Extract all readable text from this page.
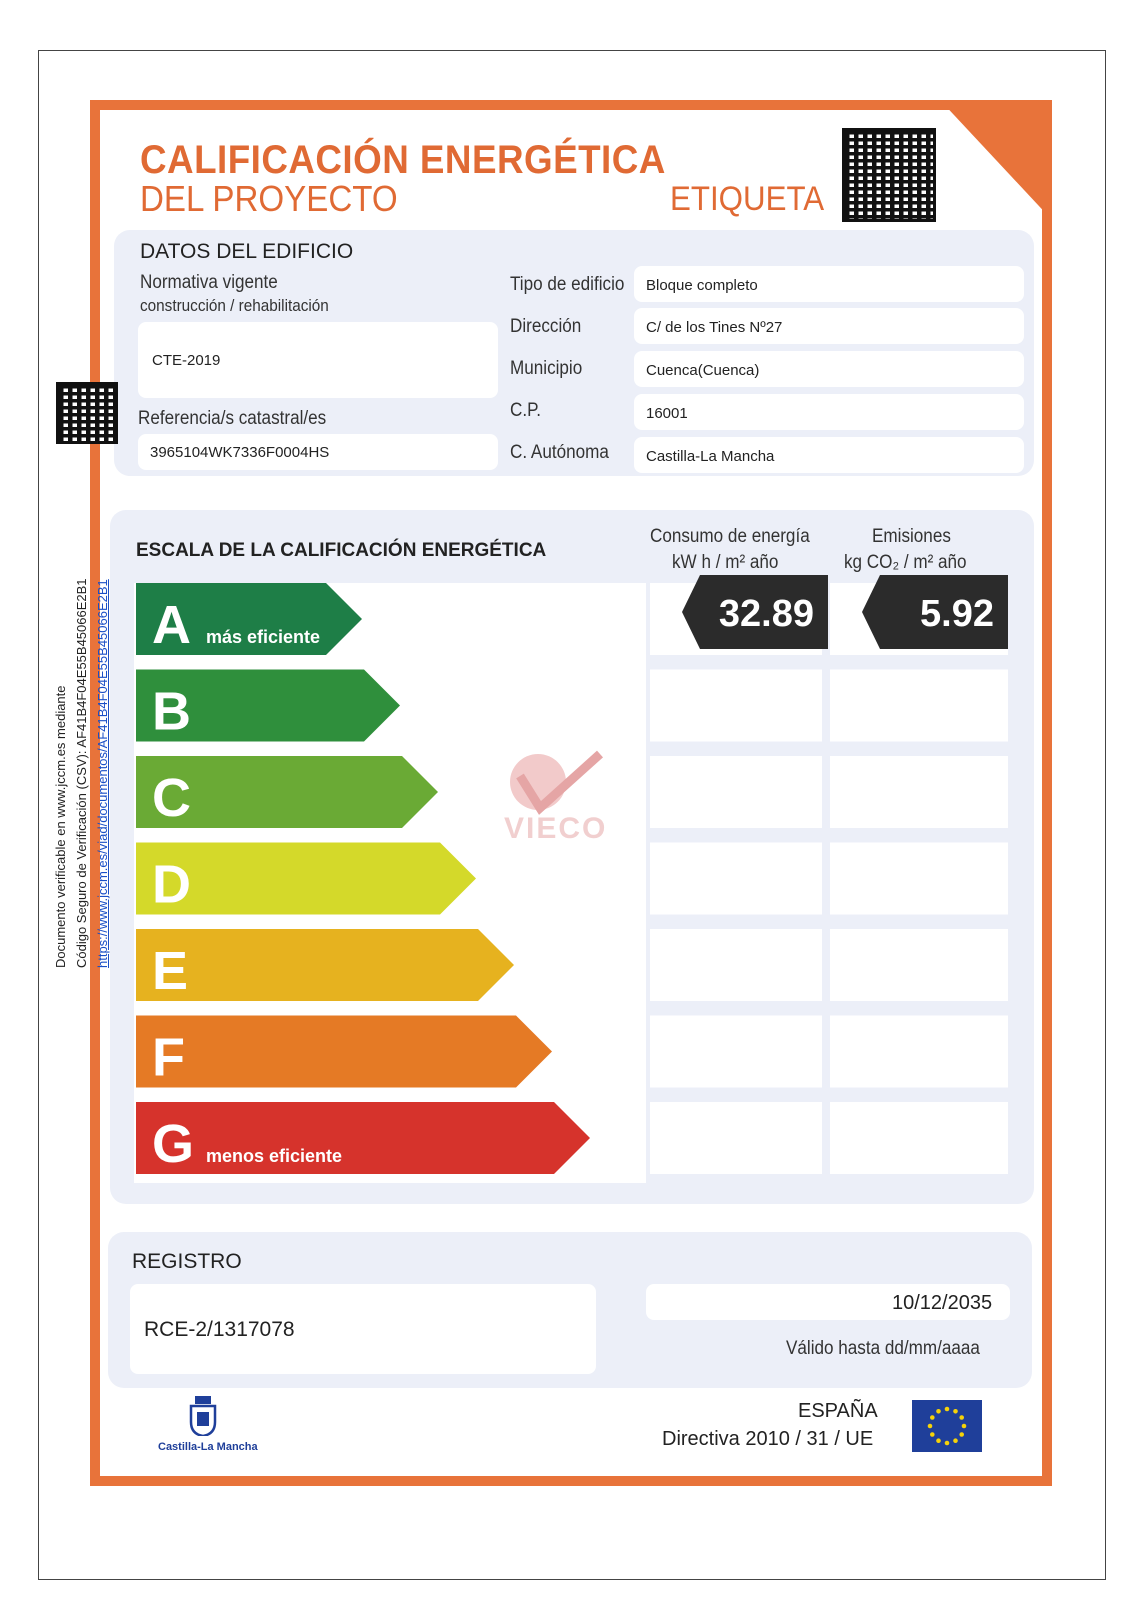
CALIFICACIÓN ENERGÉTICA
DEL PROYECTO	ETIQUETA
DATOS DEL EDIFICIO
Normativa vigente
construcción / rehabilitación
CTE-2019
Referencia/s catastral/es
3965104WK7336F0004HS
Tipo de edificio Bloque completo
Dirección	C/ de los Tines Nº27
Municipio	Cuenca(Cuenca)
C.P.	16001
C. Autónoma Castilla-La Mancha
Documento verificable en www.jccm.es mediante Código Seguro de Verificación (CSV): AF41B4F04E55B45066E2B1 https://www.jccm.es/viad/documentos/AF41B4F04E55B45066E2B1
ESCALA DE LA CALIFICACIÓN ENERGÉTICA
Consumo de energía
kW h / m² año
Emisiones
kg CO₂ / m² año
A más eficiente
B
C
D
E
F
G menos eficiente
32.89	5.92
VIECO
REGISTRO
RCE-2/1317078
10/12/2035
Válido hasta dd/mm/aaaa
Castilla-La Mancha
ESPAÑA
Directiva 2010 / 31 / UE
